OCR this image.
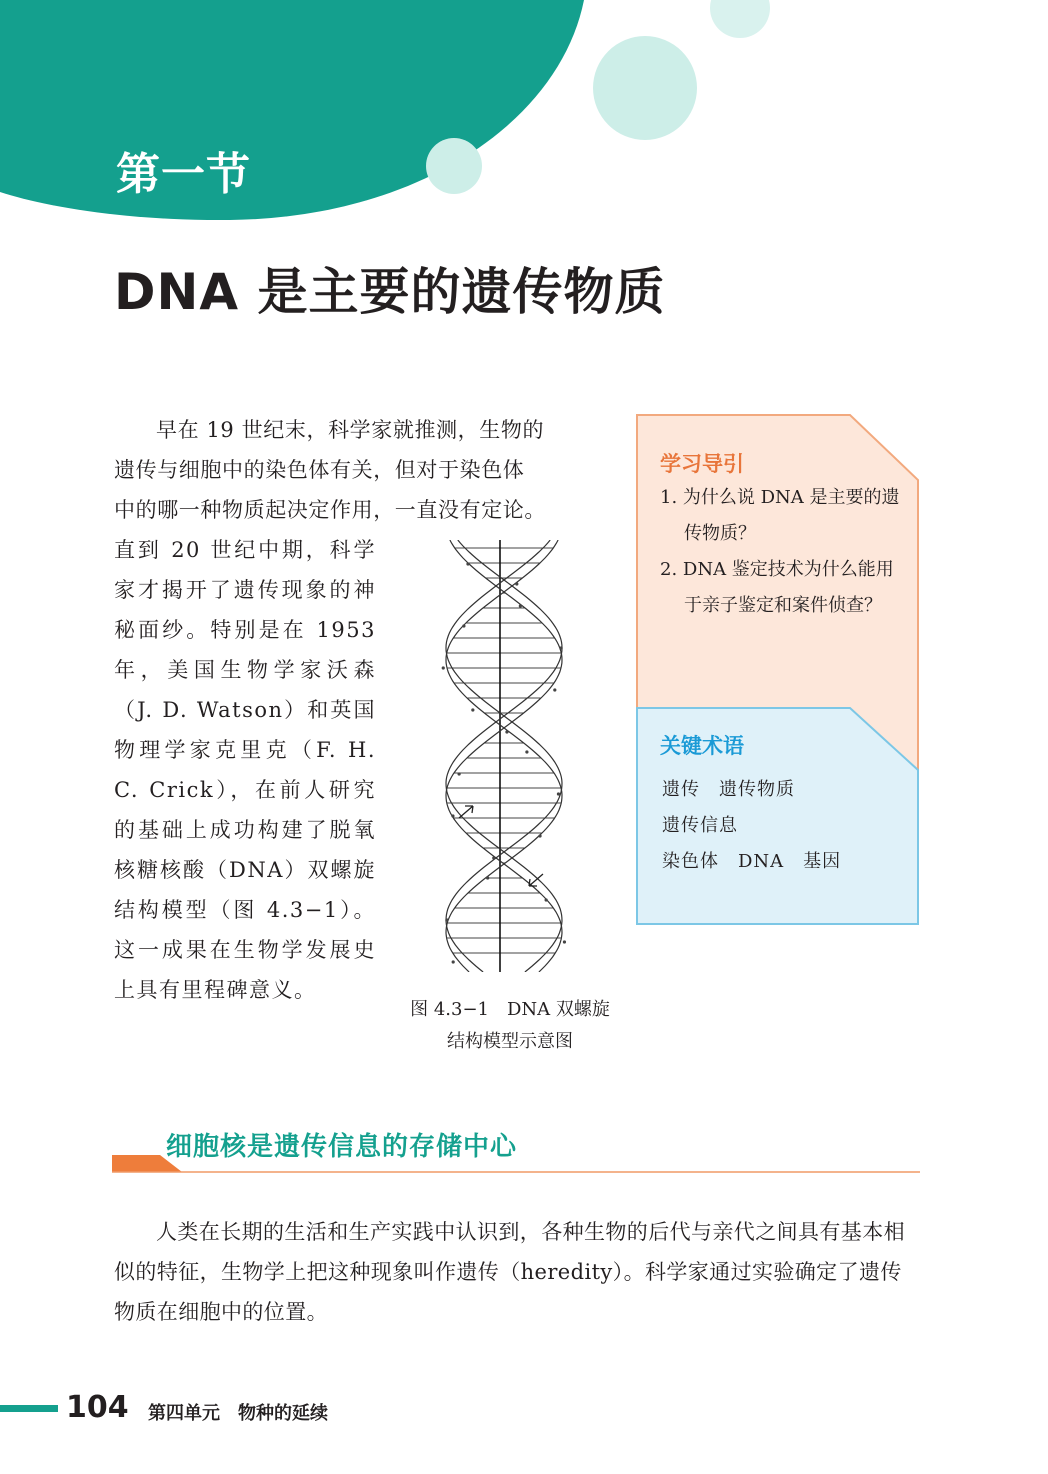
第一节
DNA 是主要的遗传物质

早在 19 世纪末，科学家就推测，生物的

遗传与细胞中的染色体有关，但对于染色体

中的哪一种物质起决定作用，一直没有定论。

直到 20 世纪中期，科学家才揭开了遗传现象的神秘面纱。特别是在 1953 年，美国生物学家沃森（J. D. Watson）和英国物理学家克里克（F. H. C. Crick），在前人研究的基础上成功构建了脱氧核糖核酸（DNA）双螺旋结构模型（图 4.3−1）。这一成果在生物学发展史上具有里程碑意义。

图 4.3−1　DNA 双螺旋
结构模型示意图
学习导引
1. 为什么说 DNA 是主要的遗传物质？
2. DNA 鉴定技术为什么能用于亲子鉴定和案件侦查？
关键术语
遗传　遗传物质
遗传信息
染色体　DNA　基因
细胞核是遗传信息的存储中心

人类在长期的生活和生产实践中认识到，各种生物的后代与亲代之间具有基本相似的特征，生物学上把这种现象叫作遗传（heredity）。科学家通过实验确定了遗传物质在细胞中的位置。

104 第四单元　物种的延续
